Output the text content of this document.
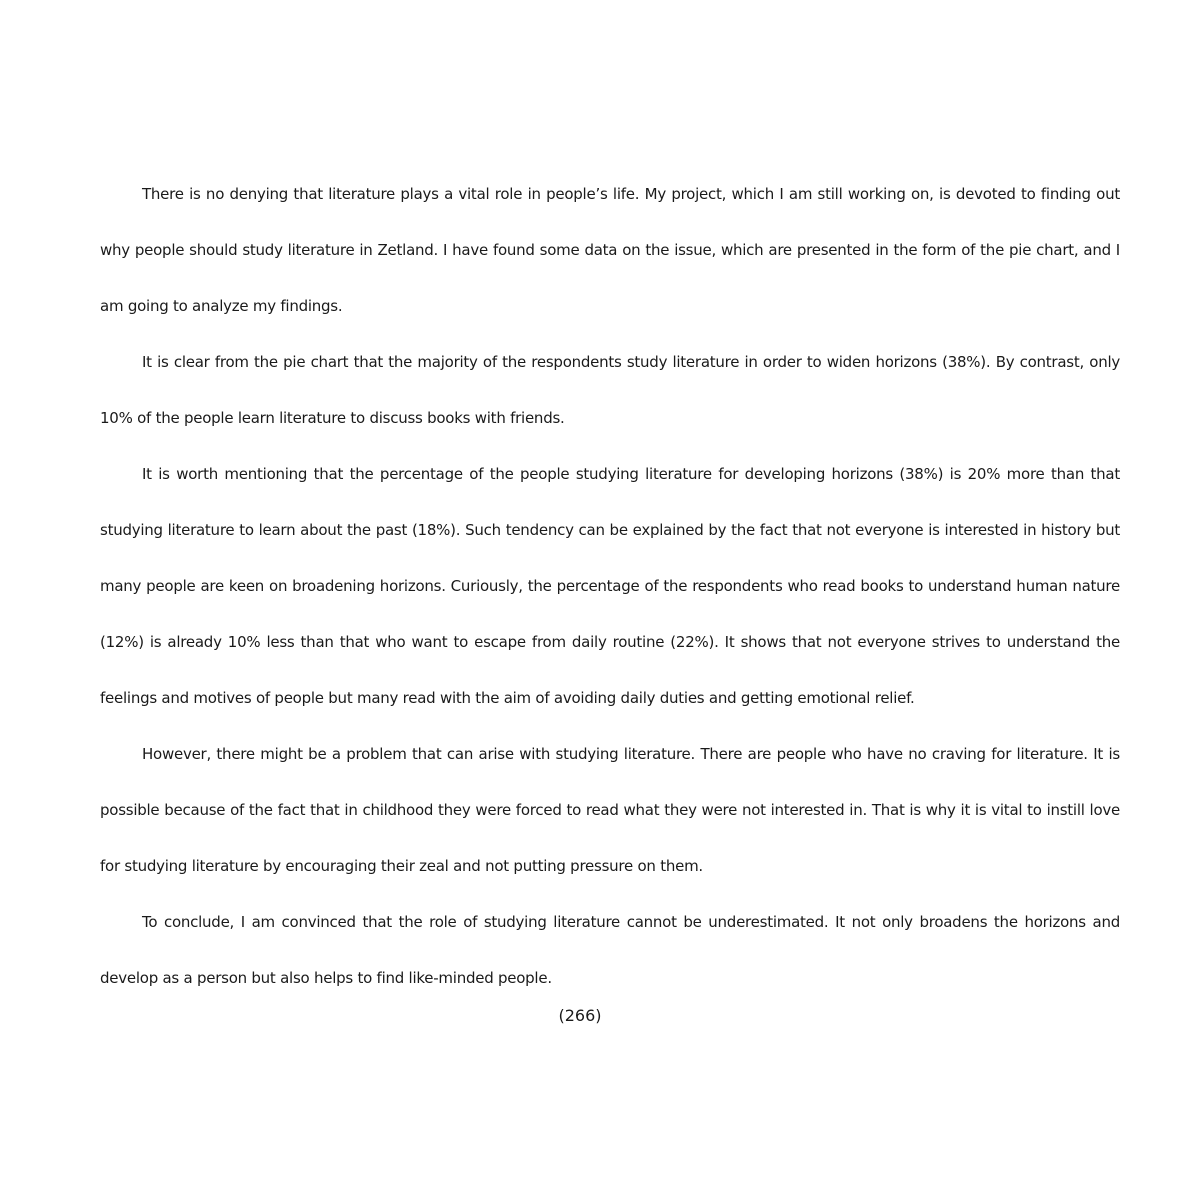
There is no denying that literature plays a vital role in people’s life. My project, which I am still working on, is devoted to finding out why people should study literature in Zetland. I have found some data on the issue, which are presented in the form of the pie chart, and I am going to analyze my findings.

It is clear from the pie chart that the majority of the respondents study literature in order to widen horizons (38%). By contrast, only 10% of the people learn literature to discuss books with friends.

It is worth mentioning that the percentage of the people studying literature for developing horizons (38%) is 20% more than that studying literature to learn about the past (18%). Such tendency can be explained by the fact that not everyone is interested in history but many people are keen on broadening horizons. Curiously, the percentage of the respondents who read books to understand human nature (12%) is already 10% less than that who want to escape from daily routine (22%). It shows that not everyone strives to understand the feelings and motives of people but many read with the aim of avoiding daily duties and getting emotional relief.

However, there might be a problem that can arise with studying literature. There are people who have no craving for literature. It is possible because of the fact that in childhood they were forced to read what they were not interested in. That is why it is vital to instill love for studying literature by encouraging their zeal and not putting pressure on them.

To conclude, I am convinced that the role of studying literature cannot be underestimated. It not only broadens the horizons and develop as a person but also helps to find like-minded people.

(266)
